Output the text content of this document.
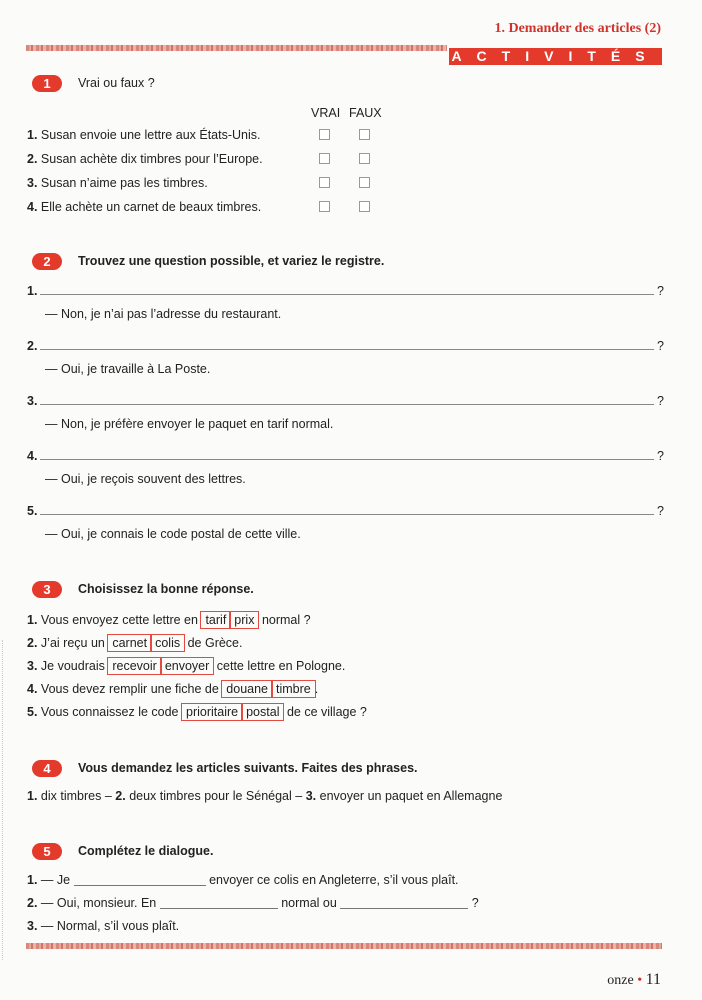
1. Demander des articles (2)
ACTIVITÉS
1	Vrai ou faux ?
VRAI FAUX
1. Susan envoie une lettre aux États-Unis.
2. Susan achète dix timbres pour l’Europe.
3. Susan n’aime pas les timbres.
4. Elle achète un carnet de beaux timbres.
2	Trouvez une question possible, et variez le registre.
1.	?
— Non, je n’ai pas l’adresse du restaurant.
2.	?
— Oui, je travaille à La Poste.
3.	?
— Non, je préfère envoyer le paquet en tarif normal.
4.	?
— Oui, je reçois souvent des lettres.
5.	?
— Oui, je connais le code postal de cette ville.
3	Choisissez la bonne réponse.
1. Vous envoyez cette lettre en tarif prix normal ?
2. J’ai reçu un carnet colis de Grèce.
3. Je voudrais recevoir envoyer cette lettre en Pologne.
4. Vous devez remplir une fiche de douane timbre .
5. Vous connaissez le code prioritaire postal de ce village ?
4	Vous demandez les articles suivants. Faites des phrases.
1. dix timbres – 2. deux timbres pour le Sénégal – 3. envoyer un paquet en Allemagne
5	Complétez le dialogue.
1. — Je	envoyer ce colis en Angleterre, s’il vous plaît.
2. — Oui, monsieur. En	normal ou	?
3. — Normal, s’il vous plaît.
onze • 11
